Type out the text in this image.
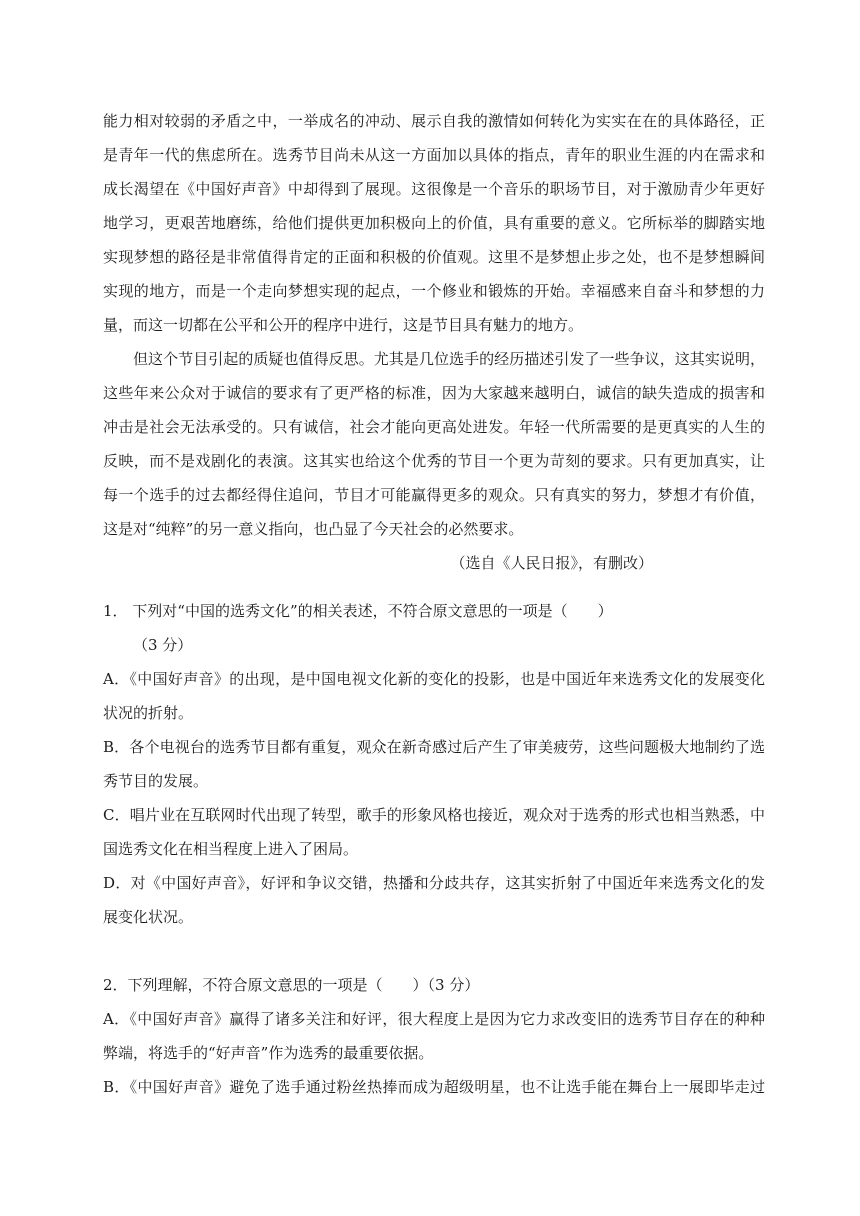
能力相对较弱的矛盾之中，一举成名的冲动、展示自我的激情如何转化为实实在在的具体路径，正
是青年一代的焦虑所在。选秀节目尚未从这一方面加以具体的指点，青年的职业生涯的内在需求和
成长渴望在《中国好声音》中却得到了展现。这很像是一个音乐的职场节目，对于激励青少年更好
地学习，更艰苦地磨练，给他们提供更加积极向上的价值，具有重要的意义。它所标举的脚踏实地
实现梦想的路径是非常值得肯定的正面和积极的价值观。这里不是梦想止步之处，也不是梦想瞬间
实现的地方，而是一个走向梦想实现的起点，一个修业和锻炼的开始。幸福感来自奋斗和梦想的力
量，而这一切都在公平和公开的程序中进行，这是节目具有魅力的地方。
但这个节目引起的质疑也值得反思。尤其是几位选手的经历描述引发了一些争议，这其实说明，
这些年来公众对于诚信的要求有了更严格的标准，因为大家越来越明白，诚信的缺失造成的损害和
冲击是社会无法承受的。只有诚信，社会才能向更高处进发。年轻一代所需要的是更真实的人生的
反映，而不是戏剧化的表演。这其实也给这个优秀的节目一个更为苛刻的要求。只有更加真实，让
每一个选手的过去都经得住追问，节目才可能赢得更多的观众。只有真实的努力，梦想才有价值，
这是对“纯粹”的另一意义指向，也凸显了今天社会的必然要求。
（选自《人民日报》，有删改）
1． 下列对“中国的选秀文化”的相关表述，不符合原文意思的一项是（　　）
（3 分）
A．《中国好声音》的出现，是中国电视文化新的变化的投影，也是中国近年来选秀文化的发展变化
状况的折射。
B．各个电视台的选秀节目都有重复，观众在新奇感过后产生了审美疲劳，这些问题极大地制约了选
秀节目的发展。
C．唱片业在互联网时代出现了转型，歌手的形象风格也接近，观众对于选秀的形式也相当熟悉，中
国选秀文化在相当程度上进入了困局。
D．对《中国好声音》，好评和争议交错，热播和分歧共存，这其实折射了中国近年来选秀文化的发
展变化状况。
2．下列理解，不符合原文意思的一项是（　　）（3 分）
A．《中国好声音》赢得了诸多关注和好评，很大程度上是因为它力求改变旧的选秀节目存在的种种
弊端，将选手的“好声音”作为选秀的最重要依据。
B．《中国好声音》避免了选手通过粉丝热捧而成为超级明星，也不让选手能在舞台上一展即毕走过
